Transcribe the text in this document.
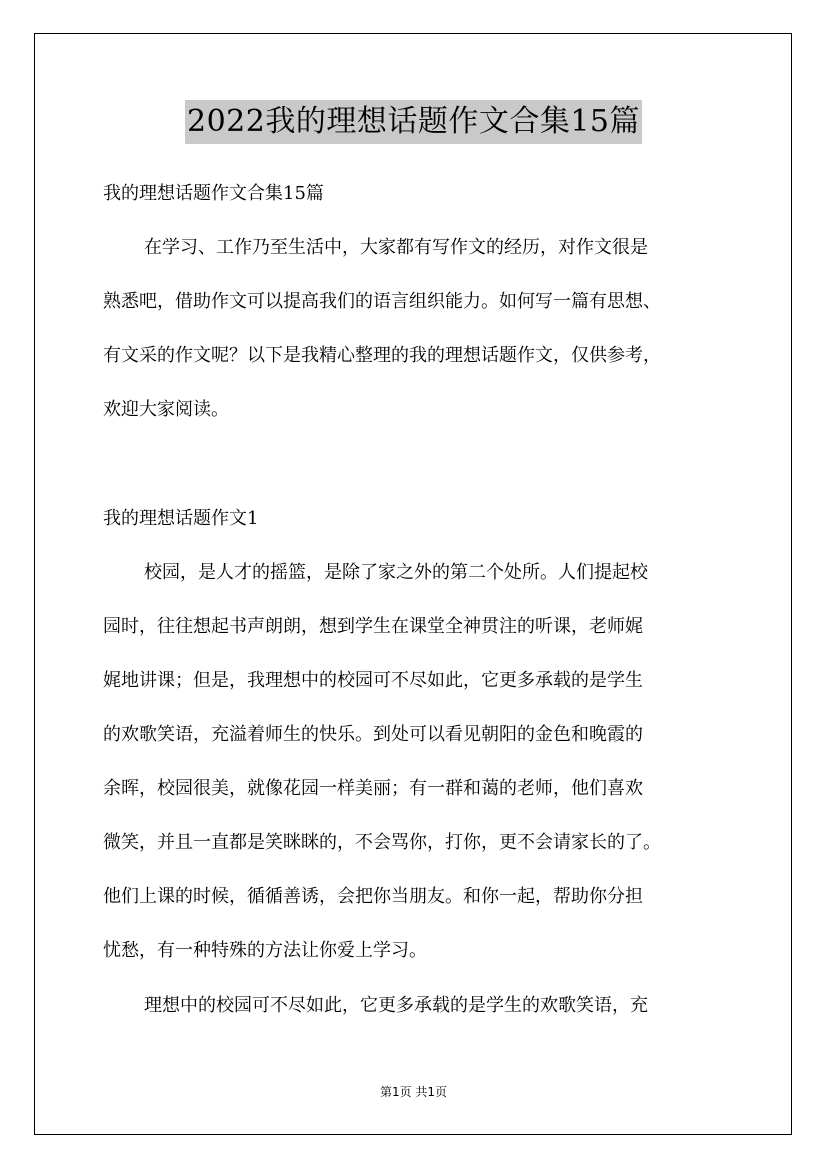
2022我的理想话题作文合集15篇
我的理想话题作文合集15篇
在学习、工作乃至生活中，大家都有写作文的经历，对作文很是
熟悉吧，借助作文可以提高我们的语言组织能力。如何写一篇有思想、
有文采的作文呢？以下是我精心整理的我的理想话题作文，仅供参考，
欢迎大家阅读。
我的理想话题作文1
校园，是人才的摇篮，是除了家之外的第二个处所。人们提起校
园时，往往想起书声朗朗，想到学生在课堂全神贯注的听课，老师娓
娓地讲课；但是，我理想中的校园可不尽如此，它更多承载的是学生
的欢歌笑语，充溢着师生的快乐。到处可以看见朝阳的金色和晚霞的
余晖，校园很美，就像花园一样美丽；有一群和蔼的老师，他们喜欢
微笑，并且一直都是笑眯眯的，不会骂你，打你，更不会请家长的了。
他们上课的时候，循循善诱，会把你当朋友。和你一起，帮助你分担
忧愁，有一种特殊的方法让你爱上学习。
理想中的校园可不尽如此，它更多承载的是学生的欢歌笑语，充
第1页 共1页
